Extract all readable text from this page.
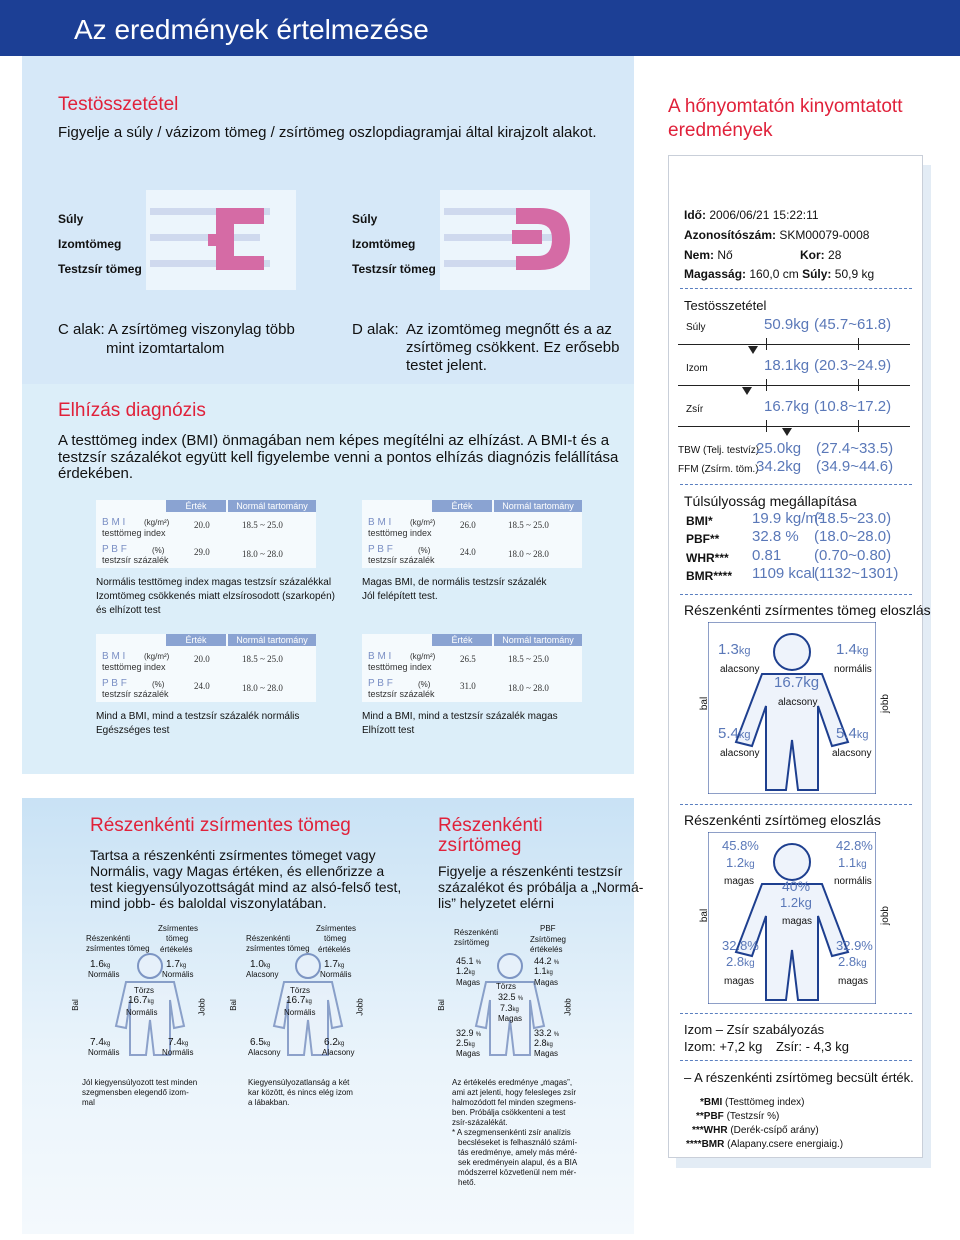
Az eredmények értelmezése
Testösszetétel
Figyelje a súly / vázizom tömeg / zsírtömeg oszlopdiagramjai által kirajzolt alakot.
Súly
Izomtömeg
Testzsír tömeg
Súly
Izomtömeg
Testzsír tömeg
C alak: A zsírtömeg viszonylag több
mint izomtartalom
D alak: Az izomtömeg megnőtt és a az
zsírtömeg csökkent. Ez erősebb
testet jelent.
Elhízás diagnózis
A testtömeg index (BMI) önmagában nem képes megítélni az elhízást. A BMI-t és a
testzsír százalékot együtt kell figyelembe venni a pontos elhízás diagnózis felállítása
érdekében.
Érték	Normál tartomány
B M I (kg/m²)
testtömeg index
20.0	18.5 ~ 25.0
P B F	(%)
testzsír százalék
29.0	18.0 ~ 28.0
Normális testtömeg index magas testzsír százalékkal
Izomtömeg csökkenés miatt elzsírosodott (szarkopén)
és elhízott test
Érték	Normál tartomány
B M I (kg/m²)
testtömeg index
26.0	18.5 ~ 25.0
P B F	(%)
testzsír százalék
24.0	18.0 ~ 28.0
Magas BMI, de normális testzsír százalék
Jól felépített test.
Érték	Normál tartomány
B M I (kg/m²)
testtömeg index
20.0	18.5 ~ 25.0
P B F	(%)
testzsír százalék
24.0	18.0 ~ 28.0
Mind a BMI, mind a testzsír százalék normális
Egészséges test
Érték	Normál tartomány
B M I (kg/m²)
testtömeg index
26.5	18.5 ~ 25.0
P B F	(%)
testzsír százalék
31.0	18.0 ~ 28.0
Mind a BMI, mind a testzsír százalék magas
Elhízott test
Részenkénti zsírmentes tömeg
Tartsa a részenkénti zsírmentes tömeget vagy
Normális, vagy Magas értéken, és ellenőrizze a
test kiegyensúlyozottságát mind az alsó-felső test,
mind jobb- és baloldal viszonylatában.
Részenkénti
zsírmentes tömeg
Zsírmentes
tömeg
értékelés
1.6kg
Normális
1.7kg
Normális
Törzs
16.7kg
Normális
7.4kg
Normális
7.4kg
Normális
Bal	Jobb
Részenkénti
zsírmentes tömeg
Zsírmentes
tömeg
értékelés
1.0kg
Alacsony
1.7kg
Normális
Törzs
16.7kg
Normális
6.5kg
Alacsony
6.2kg
Alacsony
Bal	Jobb
Jól kiegyensúlyozott test minden
szegmensben elegendő izom-
mal
Kiegyensúlyozatlanság a két
kar között, és nincs elég izom
a lábakban.
Részenkénti
zsírtömeg
Figyelje a részenkénti testzsír
százalékot és próbálja a „Normá-
lis” helyzetet elérni
Részenkénti
zsírtömeg
PBF
Zsírtömeg
értékelés
45.1 %
1.2kg
Magas
44.2 %
1.1kg
Magas
Törzs
32.5 %
7.3kg
Magas
32.9 %
2.5kg
Magas
33.2 %
2.8kg
Magas
Bal	Jobb
Az értékelés eredménye „magas”,
ami azt jelenti, hogy felesleges zsír
halmozódott fel minden szegmens-
ben. Próbálja csökkenteni a test
zsír-százalékát.
* A szegmensenkénti zsír analízis
becsléseket is felhasználó számí-
tás eredménye, amely más méré-
sek eredményein alapul, és a BIA
módszerrel közvetlenül nem mér-
hető.
A hőnyomtatón kinyomtatott
eredmények
Idő: 2006/06/21 15:22:11
Azonosítószám: SKM00079-0008
Nem: Nő	Kor: 28
Magasság: 160,0 cm Súly: 50,9 kg
Testösszetétel
Súly	50.9kg (45.7~61.8)
Izom	18.1kg (20.3~24.9)
Zsír	16.7kg (10.8~17.2)
TBW (Telj. testvíz)
25.0kg (27.4~33.5)
FFM (Zsírm. töm.)
34.2kg (34.9~44.6)
Túlsúlyosság megállapítása
BMI*	19.9 kg/m²
(18.5~23.0)
PBF** 32.8 % (18.0~28.0)
WHR*** 0.81 (0.70~0.80)
BMR**** 1109 kcal
(1132~1301)
Részenkénti zsírmentes tömeg eloszlás
1.3kg
alacsony
1.4kg
normális
16.7kg
alacsony
5.4kg
alacsony
5.4kg
alacsony
bal	jobb
Részenkénti zsírtömeg eloszlás
45.8%
1.2kg
magas
42.8%
1.1kg
normális
40%
1.2kg
magas
32.8%
2.8kg
magas
32.9%
2.8kg
magas
bal	jobb
Izom – Zsír szabályozás
Izom: +7,2 kg Zsír: - 4,3 kg
– A részenkénti zsírtömeg becsült érték.
*BMI (Testtömeg index)
**PBF (Testzsír %)
***WHR (Derék-csípő arány)
****BMR (Alapany.csere energiaig.)
